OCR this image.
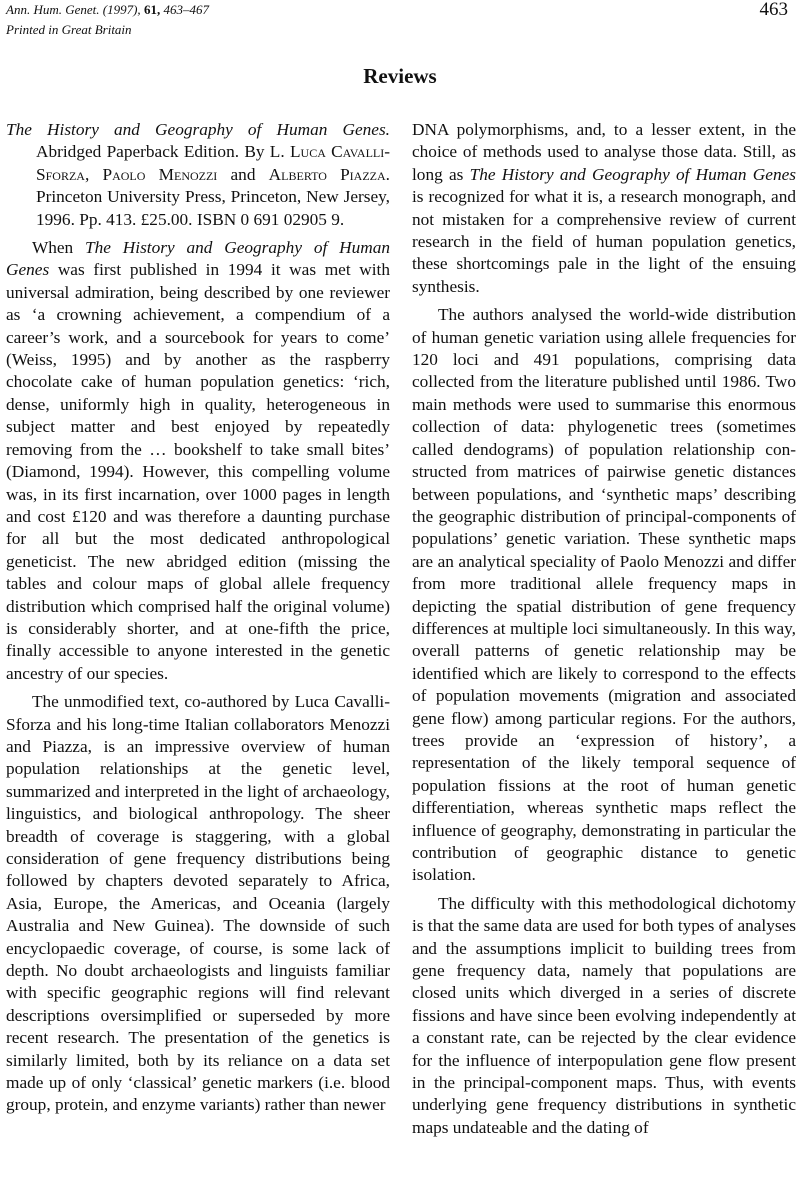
Ann. Hum. Genet. (1997), 61, 463–467
Printed in Great Britain
463
Reviews
The History and Geography of Human Genes. Abridged Paperback Edition. By L. Luca Cavalli-Sforza, Paolo Menozzi and Alberto Piazza. Princeton University Press, Princeton, New Jersey, 1996. Pp. 413. £25.00. ISBN 0 691 02905 9.

When The History and Geography of Human Genes was first published in 1994 it was met with universal admiration, being described by one reviewer as ‘a crowning achievement, a compendium of a career’s work, and a sourcebook for years to come’ (Weiss, 1995) and by another as the raspberry chocolate cake of human population genetics: ‘rich, dense, uniformly high in quality, heterogeneous in subject matter and best enjoyed by repeatedly removing from the … bookshelf to take small bites’ (Diamond, 1994). However, this compelling volume was, in its first incarnation, over 1000 pages in length and cost £120 and was therefore a daunting purchase for all but the most dedicated anthropological geneticist. The new abridged edition (missing the tables and colour maps of global allele frequency distribution which comprised half the original volume) is considerably shorter, and at one-fifth the price, finally accessible to anyone interested in the genetic ancestry of our species.

The unmodified text, co-authored by Luca Cavalli-Sforza and his long-time Italian collaborators Menozzi and Piazza, is an impressive overview of human population relationships at the genetic level, summarized and interpreted in the light of archaeology, linguistics, and biological anthropology. The sheer breadth of coverage is staggering, with a global consideration of gene frequency distributions being followed by chapters devoted separately to Africa, Asia, Europe, the Americas, and Oceania (largely Australia and New Guinea). The downside of such encyclopaedic coverage, of course, is some lack of depth. No doubt archaeologists and linguists familiar with specific geographic regions will find relevant descriptions oversimplified or superseded by more recent research. The presentation of the genetics is similarly limited, both by its reliance on a data set made up of only ‘classical’ genetic markers (i.e. blood group, protein, and enzyme variants) rather than newer

DNA polymorphisms, and, to a lesser extent, in the choice of methods used to analyse those data. Still, as long as The History and Geography of Human Genes is recognized for what it is, a research monograph, and not mistaken for a comprehensive review of current research in the field of human population genetics, these shortcomings pale in the light of the ensuing synthesis.

The authors analysed the world-wide distribution of human genetic variation using allele frequencies for 120 loci and 491 populations, comprising data collected from the literature published until 1986. Two main methods were used to summarise this enormous collection of data: phylogenetic trees (sometimes called dendograms) of population relationship constructed from matrices of pairwise genetic distances between populations, and ‘synthetic maps’ describing the geographic distribution of principal-components of populations’ genetic variation. These synthetic maps are an analytical speciality of Paolo Menozzi and differ from more traditional allele frequency maps in depicting the spatial distribution of gene frequency differences at multiple loci simultaneously. In this way, overall patterns of genetic relationship may be identified which are likely to correspond to the effects of population movements (migration and associated gene flow) among particular regions. For the authors, trees provide an ‘expression of history’, a representation of the likely temporal sequence of population fissions at the root of human genetic differentiation, whereas synthetic maps reflect the influence of geography, demonstrating in particular the contribution of geographic distance to genetic isolation.

The difficulty with this methodological dichotomy is that the same data are used for both types of analyses and the assumptions implicit to building trees from gene frequency data, namely that populations are closed units which diverged in a series of discrete fissions and have since been evolving independently at a constant rate, can be rejected by the clear evidence for the influence of interpopulation gene flow present in the principal-component maps. Thus, with events underlying gene frequency distributions in synthetic maps undateable and the dating of
